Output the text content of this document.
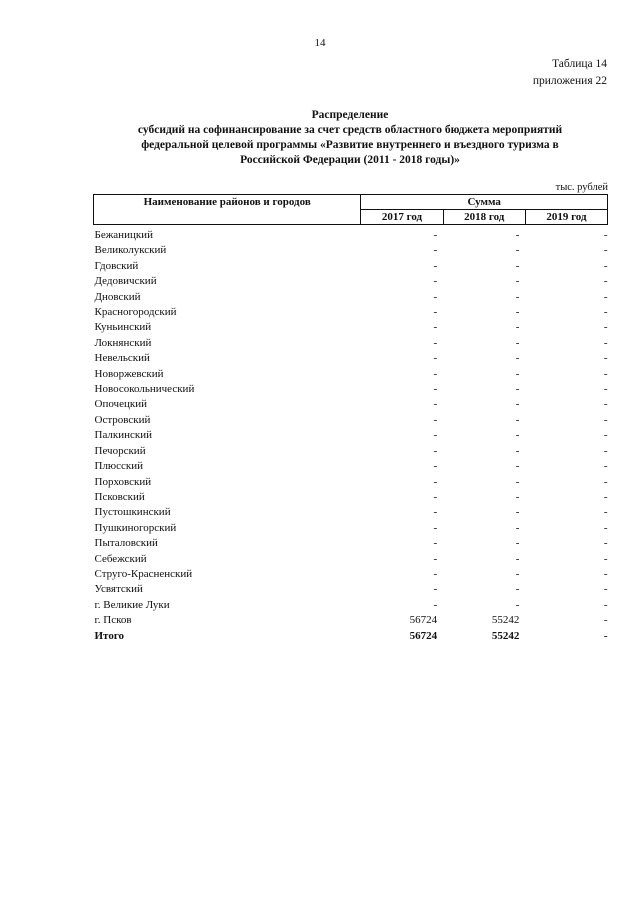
14
Таблица 14
приложения 22
Распределение
субсидий на софинансирование за счет средств областного бюджета мероприятий
федеральной целевой программы «Развитие внутреннего и въездного туризма в
Российской Федерации (2011 - 2018 годы)»
тыс. рублей
Наименование районов и городов	Сумма		
	2017 год	2018 год	2019 год
Бежаницкий	-	-	-
Великолукский	-	-	-
Гдовский	-	-	-
Дедовичский	-	-	-
Дновский	-	-	-
Красногородский	-	-	-
Куньинский	-	-	-
Локнянский	-	-	-
Невельский	-	-	-
Новоржевский	-	-	-
Новосокольнический	-	-	-
Опочецкий	-	-	-
Островский	-	-	-
Палкинский	-	-	-
Печорский	-	-	-
Плюсский	-	-	-
Порховский	-	-	-
Псковский	-	-	-
Пустошкинский	-	-	-
Пушкиногорский	-	-	-
Пыталовский	-	-	-
Себежский	-	-	-
Струго-Красненский	-	-	-
Усвятский	-	-	-
г. Великие Луки	-	-	-
г. Псков	56724	55242	-
Итого	56724	55242	-
